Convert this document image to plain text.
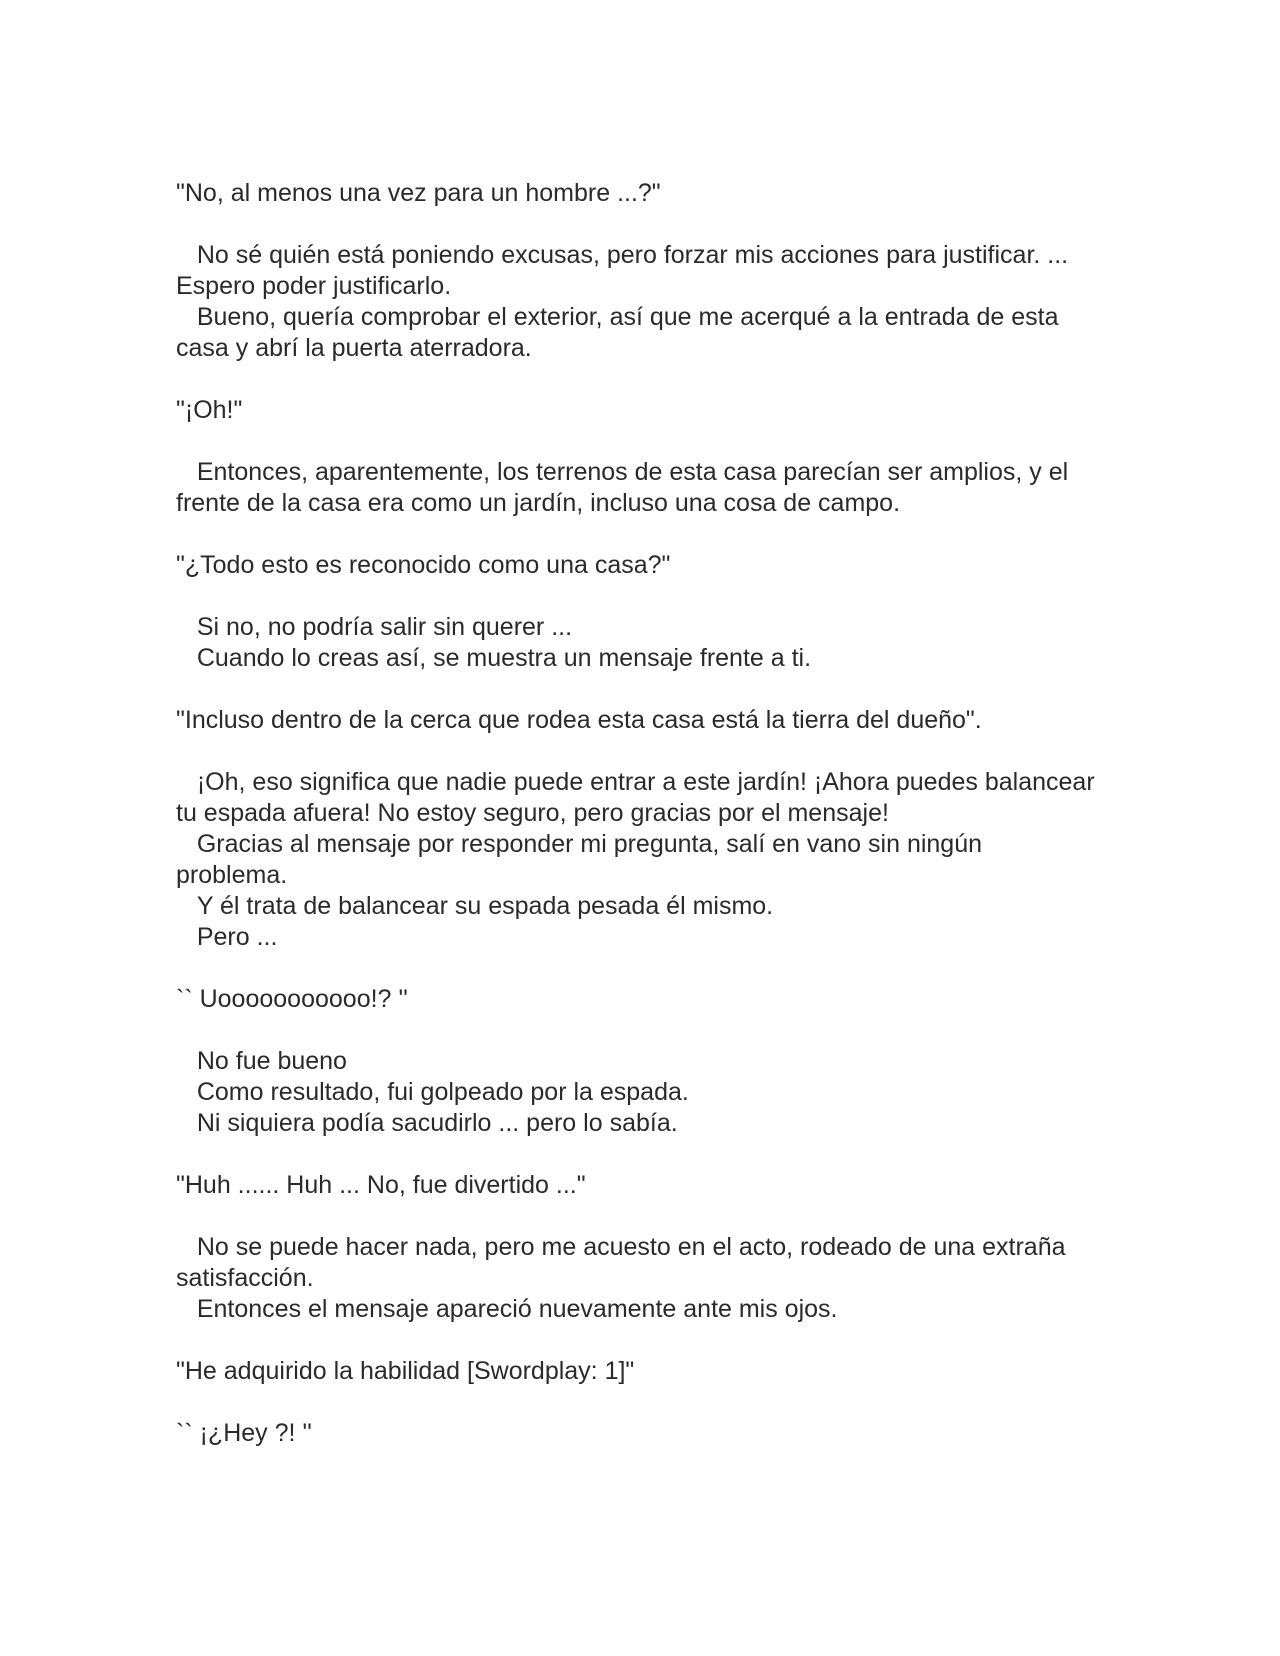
"No, al menos una vez para un hombre ...?"

No sé quién está poniendo excusas, pero forzar mis acciones para justificar. ... Espero poder justificarlo.

Bueno, quería comprobar el exterior, así que me acerqué a la entrada de esta casa y abrí la puerta aterradora.

"¡Oh!"

Entonces, aparentemente, los terrenos de esta casa parecían ser amplios, y el frente de la casa era como un jardín, incluso una cosa de campo.

"¿Todo esto es reconocido como una casa?"

Si no, no podría salir sin querer ...

Cuando lo creas así, se muestra un mensaje frente a ti.

"Incluso dentro de la cerca que rodea esta casa está la tierra del dueño".

¡Oh, eso significa que nadie puede entrar a este jardín! ¡Ahora puedes balancear tu espada afuera! No estoy seguro, pero gracias por el mensaje!

Gracias al mensaje por responder mi pregunta, salí en vano sin ningún problema.

Y él trata de balancear su espada pesada él mismo.

Pero ...

`` Uooooooooooo!? ''

No fue bueno

Como resultado, fui golpeado por la espada.

Ni siquiera podía sacudirlo ... pero lo sabía.

"Huh ...... Huh ... No, fue divertido ..."

No se puede hacer nada, pero me acuesto en el acto, rodeado de una extraña satisfacción.

Entonces el mensaje apareció nuevamente ante mis ojos.

"He adquirido la habilidad [Swordplay: 1]"

`` ¡¿Hey ?! ''
